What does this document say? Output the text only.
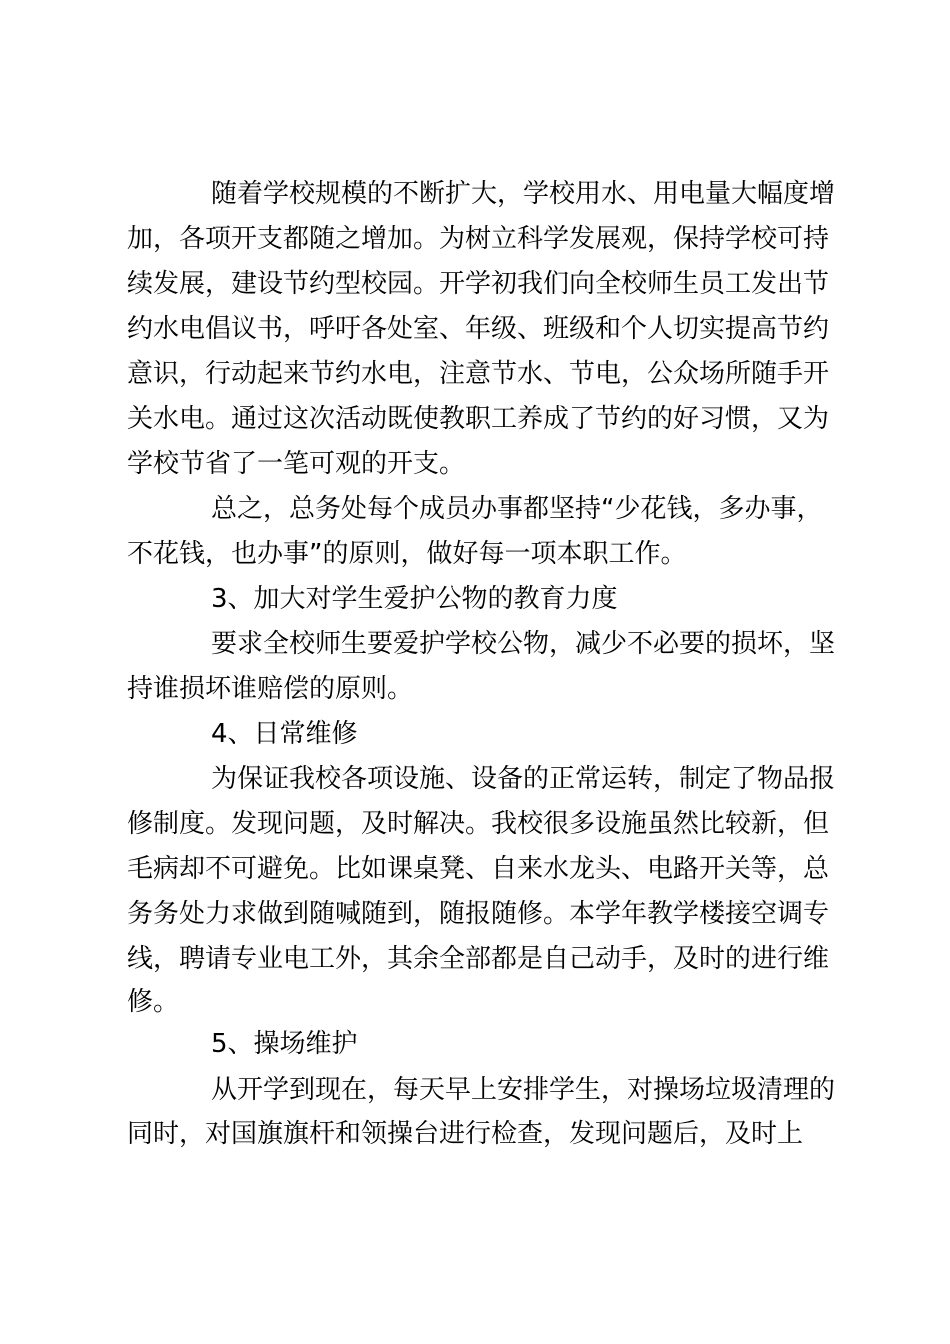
随着学校规模的不断扩大，学校用水、用电量大幅度增
加，各项开支都随之增加。为树立科学发展观，保持学校可持
续发展，建设节约型校园。开学初我们向全校师生员工发出节
约水电倡议书，呼吁各处室、年级、班级和个人切实提高节约
意识，行动起来节约水电，注意节水、节电，公众场所随手开
关水电。通过这次活动既使教职工养成了节约的好习惯，又为
学校节省了一笔可观的开支。
总之，总务处每个成员办事都坚持“少花钱，多办事，
不花钱，也办事”的原则，做好每一项本职工作。
3、加大对学生爱护公物的教育力度
要求全校师生要爱护学校公物，减少不必要的损坏，坚
持谁损坏谁赔偿的原则。
4、日常维修
为保证我校各项设施、设备的正常运转，制定了物品报
修制度。发现问题，及时解决。我校很多设施虽然比较新，但
毛病却不可避免。比如课桌凳、自来水龙头、电路开关等，总
务务处力求做到随喊随到，随报随修。本学年教学楼接空调专
线，聘请专业电工外，其余全部都是自己动手，及时的进行维
修。
5、操场维护
从开学到现在，每天早上安排学生，对操场垃圾清理的
同时，对国旗旗杆和领操台进行检查，发现问题后，及时上
